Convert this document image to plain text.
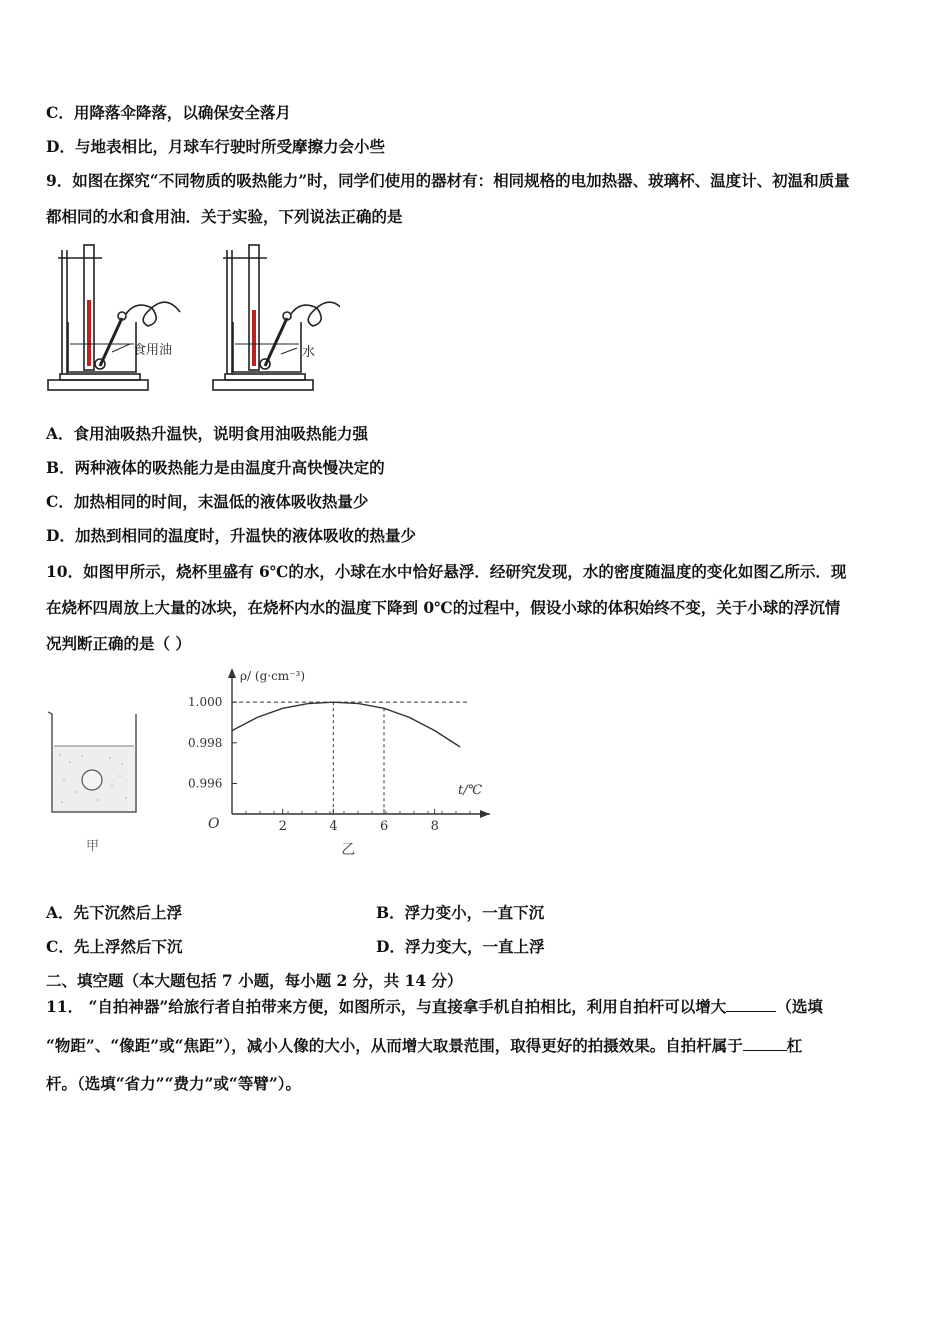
C．用降落伞降落，以确保安全落月
D．与地表相比，月球车行驶时所受摩擦力会小些
9．如图在探究“不同物质的吸热能力”时，同学们使用的器材有：相同规格的电加热器、玻璃杯、温度计、初温和质量
都相同的水和食用油．关于实验，下列说法正确的是
食用油	水
A．食用油吸热升温快，说明食用油吸热能力强
B．两种液体的吸热能力是由温度升高快慢决定的
C．加热相同的时间，末温低的液体吸收热量少
D．加热到相同的温度时，升温快的液体吸收的热量少
10．如图甲所示，烧杯里盛有 6℃的水，小球在水中恰好悬浮．经研究发现，水的密度随温度的变化如图乙所示．现
在烧杯四周放上大量的冰块，在烧杯内水的温度下降到 0℃的过程中，假设小球的体积始终不变，关于小球的浮沉情
况判断正确的是（ ）
甲
O
t/℃
ρ/ (g·cm⁻³)
2	4	6	8
1.000
0.998
0.996
乙
A．先下沉然后上浮	B．浮力变小，一直下沉
C．先上浮然后下沉	D．浮力变大，一直上浮
二、填空题（本大题包括 7 小题，每小题 2 分，共 14 分）
11． “自拍神器”给旅行者自拍带来方便，如图所示，与直接拿手机自拍相比，利用自拍杆可以增大	（选填
“物距”、“像距”或“焦距”），减小人像的大小，从而增大取景范围，取得更好的拍摄效果。自拍杆属于	杠
杆。（选填“省力”“费力”或“等臂”）。
